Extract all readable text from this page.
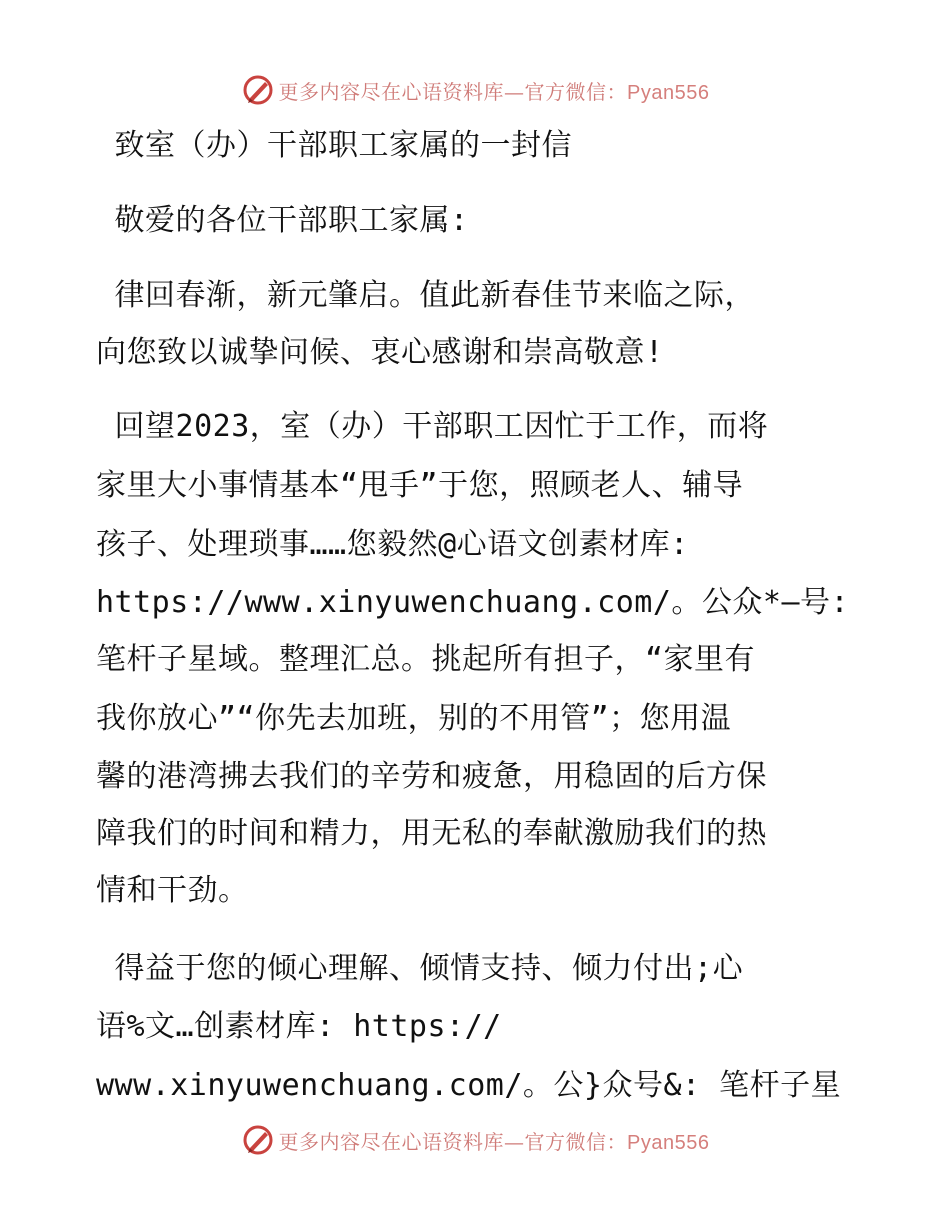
更多内容尽在心语资料库—官方微信：Pyan556
致室（办）干部职工家属的一封信
敬爱的各位干部职工家属:
律回春渐，新元肇启。值此新春佳节来临之际，
向您致以诚挚问候、衷心感谢和崇高敬意!
回望2023，室（办）干部职工因忙于工作，而将
家里大小事情基本“甩手”于您，照顾老人、辅导
孩子、处理琐事……您毅然@心语文创素材库:
https://www.xinyuwenchuang.com/。公众*—号:
笔杆子星域。整理汇总。挑起所有担子，“家里有
我你放心”“你先去加班，别的不用管”；您用温
馨的港湾拂去我们的辛劳和疲惫，用稳固的后方保
障我们的时间和精力，用无私的奉献激励我们的热
情和干劲。
得益于您的倾心理解、倾情支持、倾力付出;心
语%文…创素材库: https://
www.xinyuwenchuang.com/。公}众号&: 笔杆子星
更多内容尽在心语资料库—官方微信：Pyan556
